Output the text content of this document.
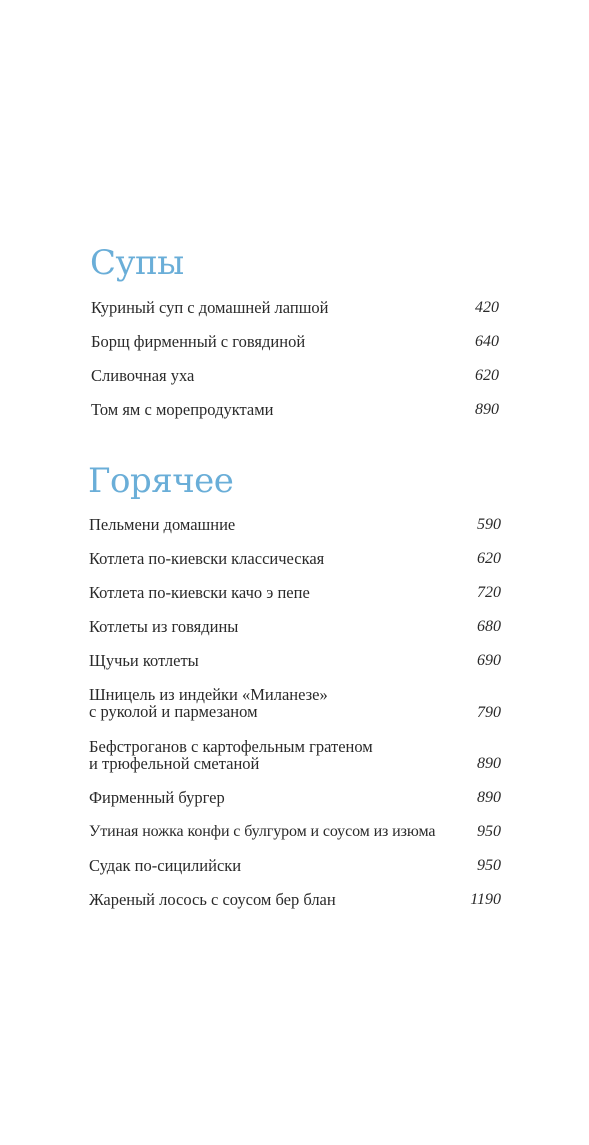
Супы
Куриный суп с домашней лапшой	420
Борщ фирменный с говядиной	640
Сливочная уха	620
Том ям с морепродуктами	890
Горячее
Пельмени домашние	590
Котлета по-киевски классическая	620
Котлета по-киевски качо э пепе	720
Котлеты из говядины	680
Щучьи котлеты	690
Шницель из индейки «Миланезе»
с руколой и пармезаном	790
Бефстроганов с картофельным гратеном
и трюфельной сметаной	890
Фирменный бургер	890
Утиная ножка конфи с булгуром и соусом из изюма	950
Судак по-сицилийски	950
Жареный лосось с соусом бер блан	1190
